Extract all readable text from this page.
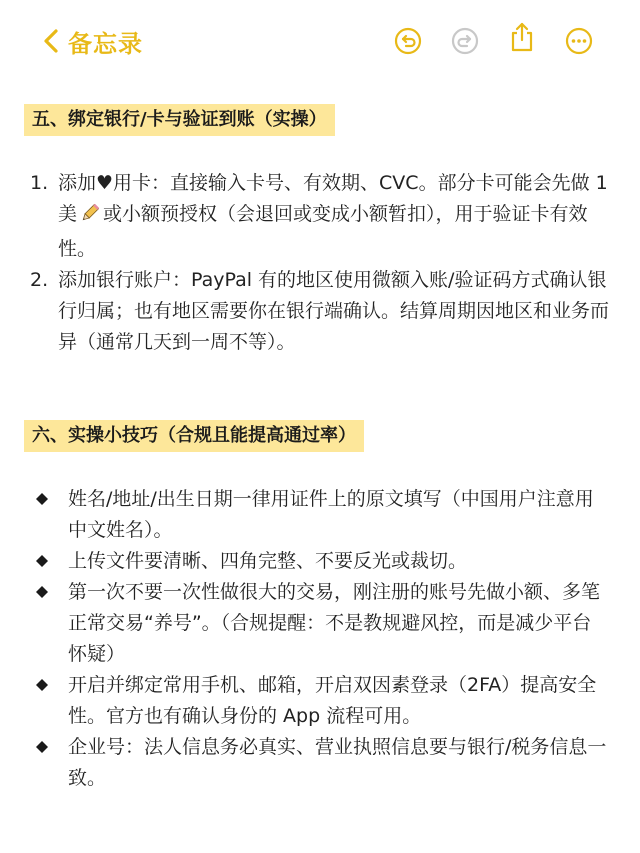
备忘录
五、绑定银行/卡与验证到账（实操）
1. 添加♥用卡：直接输入卡号、有效期、CVC。部分卡可能会先做 1 美 或小额预授权（会退回或变成小额暂扣），用于验证卡有效性。
2. 添加银行账户：PayPal 有的地区使用微额入账/验证码方式确认银行归属；也有地区需要你在银行端确认。结算周期因地区和业务而异（通常几天到一周不等）。
六、实操小技巧（合规且能提高通过率）
姓名/地址/出生日期一律用证件上的原文填写（中国用户注意用中文姓名）。
上传文件要清晰、四角完整、不要反光或裁切。
第一次不要一次性做很大的交易，刚注册的账号先做小额、多笔正常交易“养号”。（合规提醒：不是教规避风控，而是减少平台怀疑）
开启并绑定常用手机、邮箱，开启双因素登录（2FA）提高安全性。官方也有确认身份的 App 流程可用。
企业号：法人信息务必真实、营业执照信息要与银行/税务信息一致。
